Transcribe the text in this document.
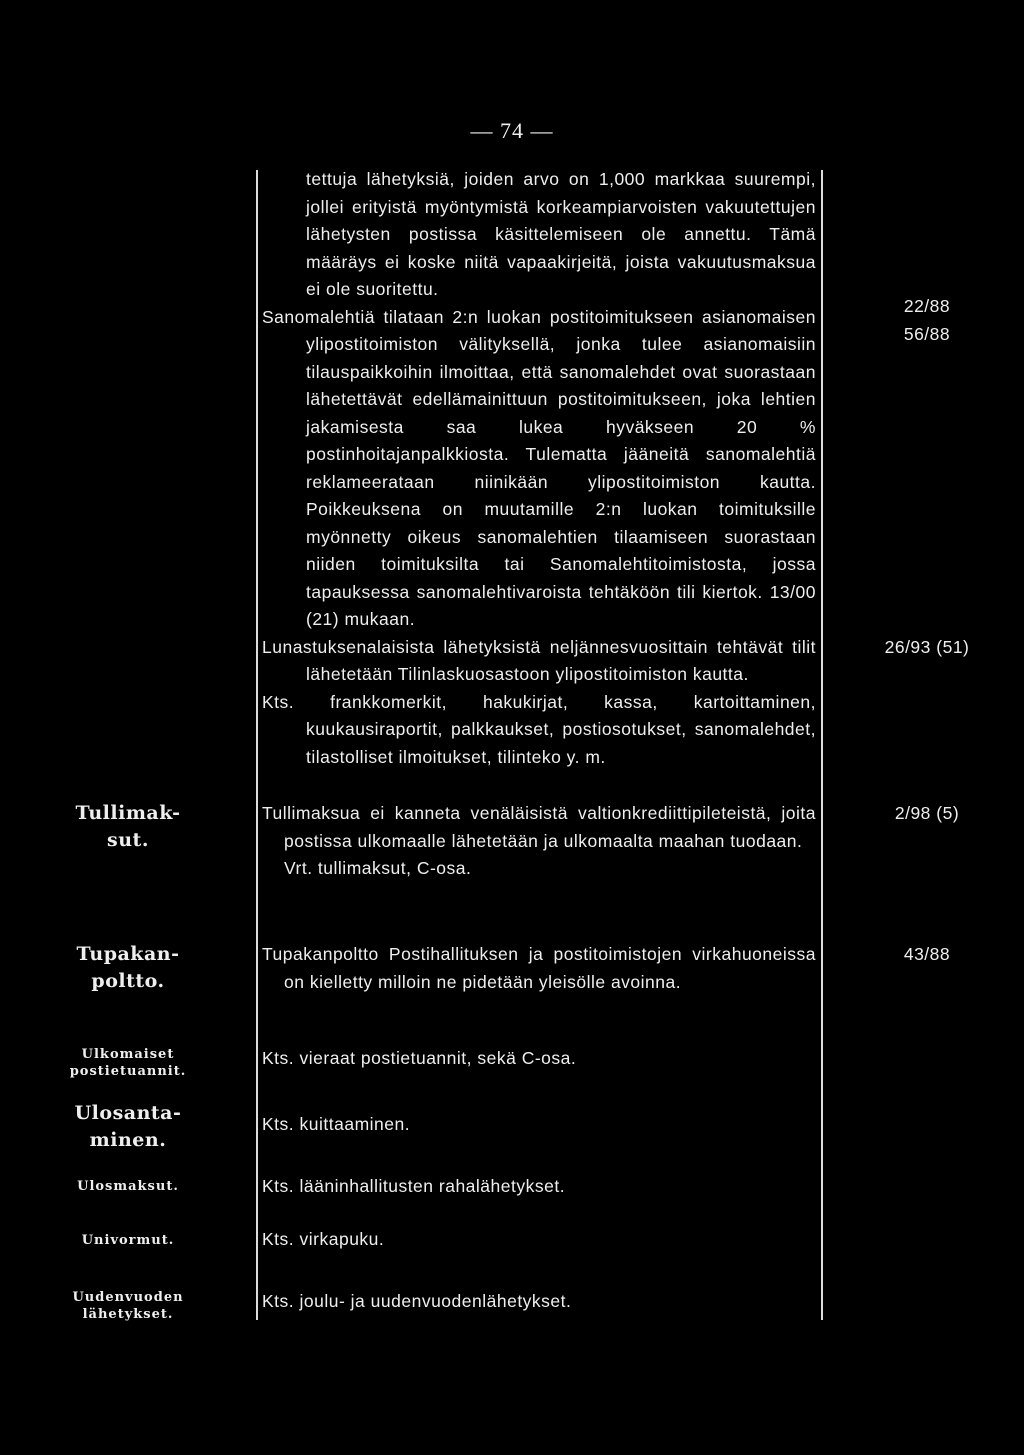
— 74 —

tettuja lähetyksiä, joiden arvo on 1,000 markkaa suurempi, jollei erityistä myöntymistä korkeampiarvoisten vakuutettujen lähetysten postissa käsittelemiseen ole annettu. Tämä määräys ei koske niitä vapaakirjeitä, joista vakuutusmaksua ei ole suoritettu.

Sanomalehtiä tilataan 2:n luokan postitoimitukseen asianomaisen ylipostitoimiston välityksellä, jonka tulee asianomaisiin tilauspaikkoihin ilmoittaa, että sanomalehdet ovat suorastaan lähetettävät edellämainittuun postitoimitukseen, joka lehtien jakamisesta saa lukea hyväkseen 20 % postinhoitajanpalkkiosta. Tulematta jääneitä sanomalehtiä reklameerataan niinikään ylipostitoimiston kautta. Poikkeuksena on muutamille 2:n luokan toimituksille myönnetty oikeus sanomalehtien tilaamiseen suorastaan niiden toimituksilta tai Sanomalehtitoimistosta, jossa tapauksessa sanomalehtivaroista tehtäköön tili kiertok. 13/00 (21) mukaan.

Lunastuksenalaisista lähetyksistä neljännesvuosittain tehtävät tilit lähetetään Tilinlaskuosastoon ylipostitoimiston kautta.

Kts. frankkomerkit, hakukirjat, kassa, kartoittaminen, kuukausiraportit, palkkaukset, postiosotukset, sanomalehdet, tilastolliset ilmoitukset, tilinteko y. m.

22/88
56/88
26/93 (51)
2/98 (5)
43/88
Tullimak-
sut.

Tullimaksua ei kanneta venäläisistä valtionkrediittipileteistä, joita postissa ulkomaalle lähetetään ja ulkomaalta maahan tuodaan.

Vrt. tullimaksut, C-osa.

Tupakan-
poltto.

Tupakanpoltto Postihallituksen ja postitoimistojen virkahuoneissa on kielletty milloin ne pidetään yleisölle avoinna.

Ulkomaiset
postietuannit.

Kts. vieraat postietuannit, sekä C-osa.

Ulosanta-
minen.

Kts. kuittaaminen.

Ulosmaksut.	Kts. lääninhallitusten rahalähetykset.

Univormut.	Kts. virkapuku.

Uudenvuoden
lähetykset.

Kts. joulu- ja uudenvuodenlähetykset.
